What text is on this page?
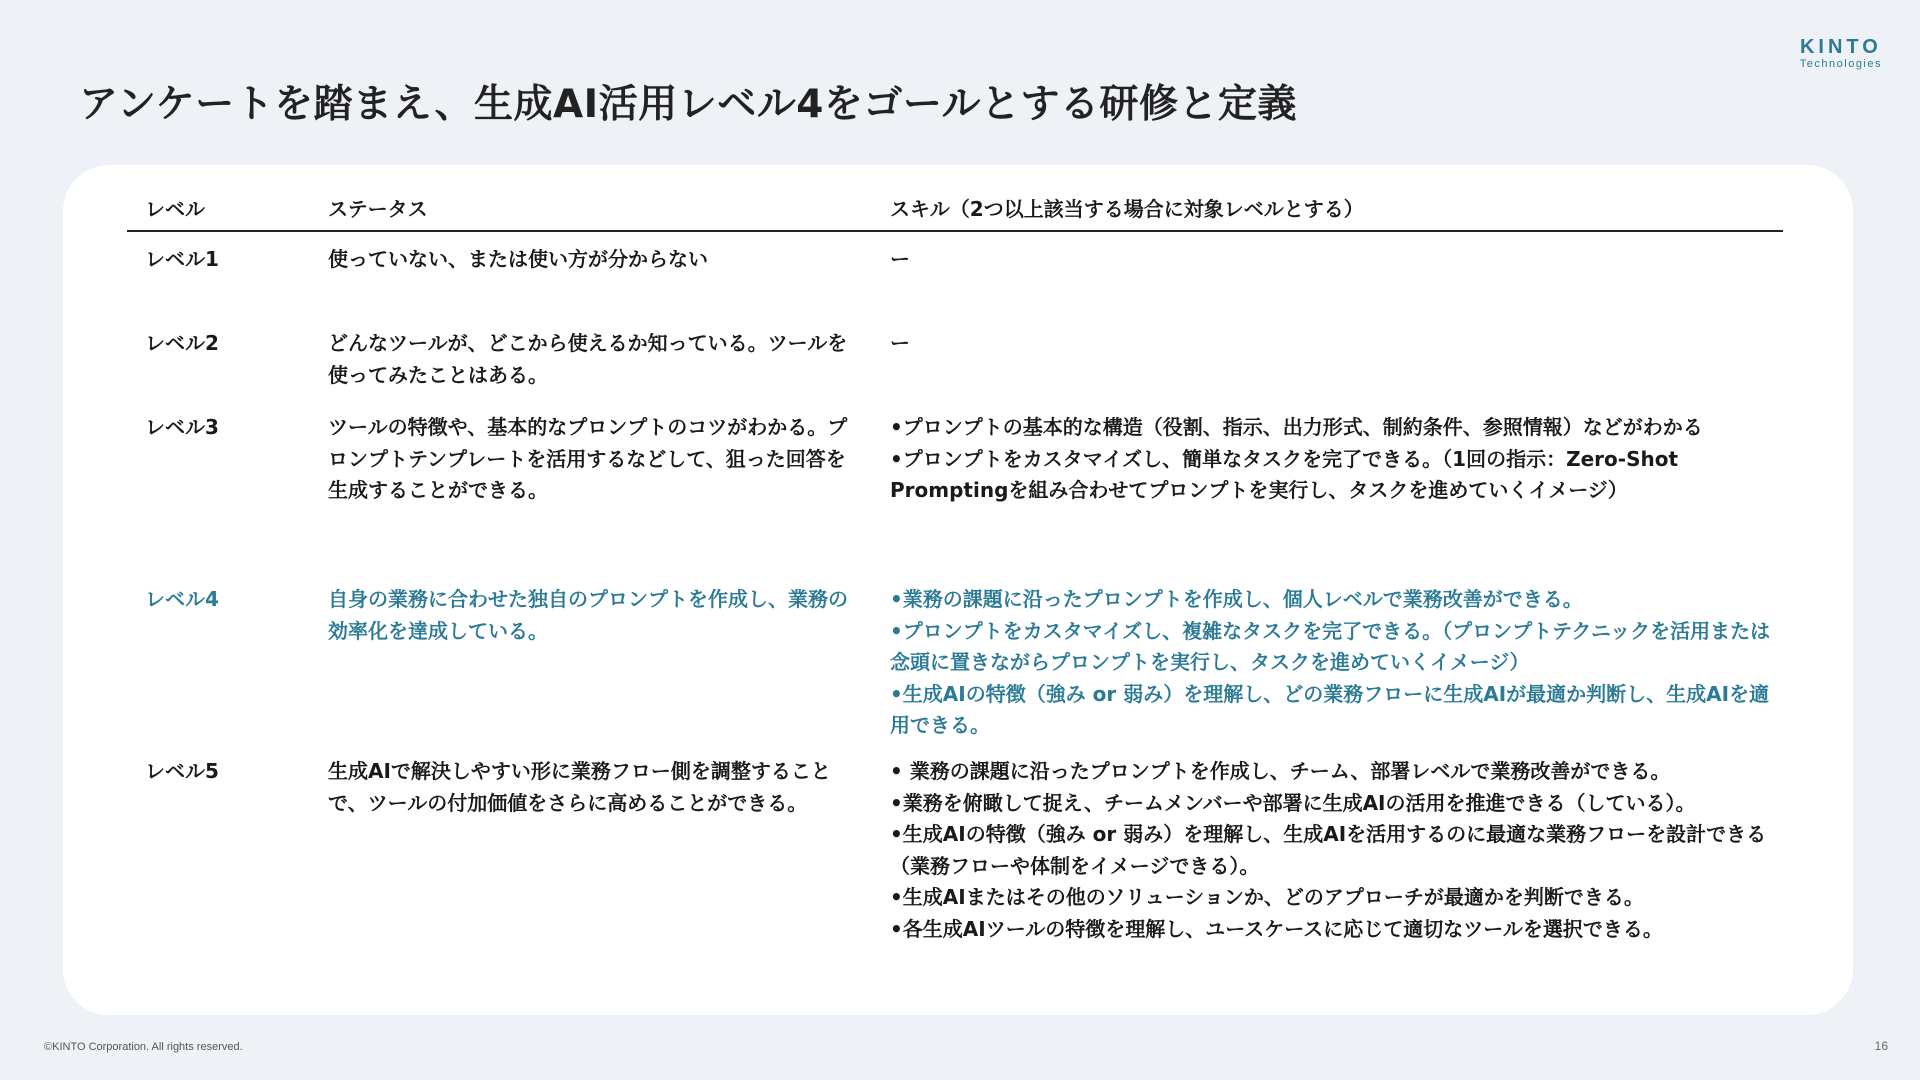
KINTO
Technologies
アンケートを踏まえ、生成AI活用レベル4をゴールとする研修と定義
レベル	ステータス	スキル（2つ以上該当する場合に対象レベルとする）
レベル1	使っていない、または使い方が分からない	ー

レベル2	どんなツールが、どこから使えるか知っている。ツールを使ってみたことはある。	ー

レベル3	ツールの特徴や、基本的なプロンプトのコツがわかる。プロンプトテンプレートを活用するなどして、狙った回答を生成することができる。	•プロンプトの基本的な構造（役割、指示、出力形式、制約条件、参照情報）などがわかる
•プロンプトをカスタマイズし、簡単なタスクを完了できる。（1回の指示：Zero-Shot Promptingを組み合わせてプロンプトを実行し、タスクを進めていくイメージ）

レベル4	自身の業務に合わせた独自のプロンプトを作成し、業務の効率化を達成している。	•業務の課題に沿ったプロンプトを作成し、個人レベルで業務改善ができる。
•プロンプトをカスタマイズし、複雑なタスクを完了できる。（プロンプトテクニックを活用または念頭に置きながらプロンプトを実行し、タスクを進めていくイメージ）
•生成AIの特徴（強み or 弱み）を理解し、どの業務フローに生成AIが最適か判断し、生成AIを適用できる。

レベル5	生成AIで解決しやすい形に業務フロー側を調整することで、ツールの付加価値をさらに高めることができる。	• 業務の課題に沿ったプロンプトを作成し、チーム、部署レベルで業務改善ができる。
•業務を俯瞰して捉え、チームメンバーや部署に生成AIの活用を推進できる（している）。
•生成AIの特徴（強み or 弱み）を理解し、生成AIを活用するのに最適な業務フローを設計できる（業務フローや体制をイメージできる）。
•生成AIまたはその他のソリューションか、どのアプローチが最適かを判断できる。
•各生成AIツールの特徴を理解し、ユースケースに応じて適切なツールを選択できる。
©KINTO Corporation. All rights reserved.	16
